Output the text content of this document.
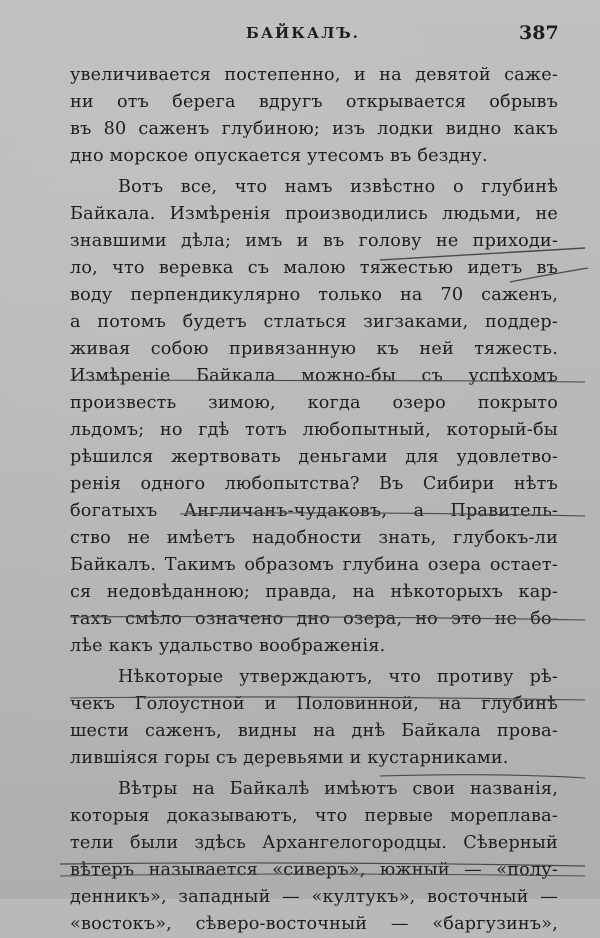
БАЙКАЛЪ.	387
увеличивается постепенно, и на девятой саже-
ни отъ берега вдругъ открывается обрывъ
въ 80 саженъ глубиною; изъ лодки видно какъ
дно морское опускается утесомъ въ бездну.
Вотъ все, что намъ извѣстно о глубинѣ
Байкала. Измѣренія производились людьми, не
знавшими дѣла; имъ и въ голову не приходи-
ло, что веревка съ малою тяжестью идетъ въ
воду перпендикулярно только на 70 саженъ,
а потомъ будетъ стлаться зигзаками, поддер-
живая собою привязанную къ ней тяжесть.
Измѣреніе Байкала можно-бы съ успѣхомъ
произвесть зимою, когда озеро покрыто
льдомъ; но гдѣ тотъ любопытный, который-бы
рѣшился жертвовать деньгами для удовлетво-
ренія одного любопытства? Въ Сибири нѣтъ
богатыхъ Англичанъ-чудаковъ, а Правитель-
ство не имѣетъ надобности знать, глубокъ-ли
Байкалъ. Такимъ образомъ глубина озера остает-
ся недовѣданною; правда, на нѣкоторыхъ кар-
тахъ смѣло означено дно озера, но это не бо-
лѣе какъ удальство воображенія.
Нѣкоторые утверждаютъ, что противу рѣ-
чекъ Голоустной и Половинной, на глубинѣ
шести саженъ, видны на днѣ Байкала прова-
лившіяся горы съ деревьями и кустарниками.
Вѣтры на Байкалѣ имѣютъ свои названія,
которыя доказываютъ, что первые мореплава-
тели были здѣсь Архангелогородцы. Сѣверный
вѣтеръ называется «сиверъ», южный — «полу-
денникъ», западный — «култукъ», восточный —
«востокъ», сѣверо-восточный — «баргузинъ»,
